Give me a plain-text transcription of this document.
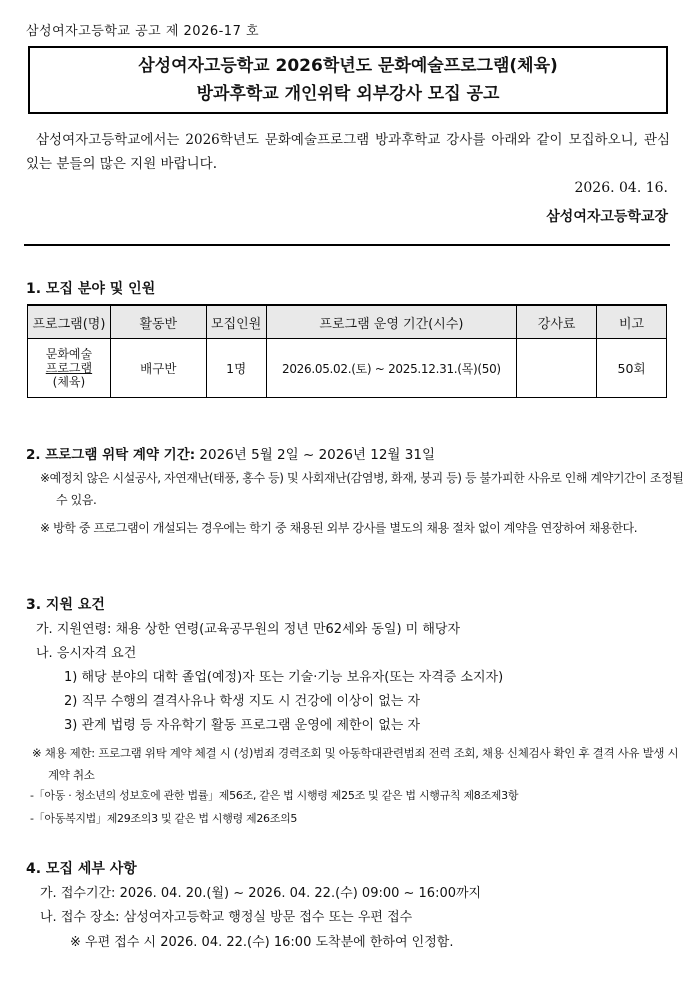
삼성여자고등학교 공고 제 2026-17 호
삼성여자고등학교 2026학년도 문화예술프로그램(체육)
방과후학교 개인위탁 외부강사 모집 공고
삼성여자고등학교에서는 2026학년도 문화예술프로그램 방과후학교 강사를 아래와 같이 모집하오니, 관심 있는 분들의 많은 지원 바랍니다.
2026. 04. 16.
삼성여자고등학교장
1. 모집 분야 및 인원
프로그램(명)	활동반	모집인원	프로그램 운영 기간(시수)	강사료	비고

문화예술
프로그램
(체육)	배구반	1명	2026.05.02.(토) ~ 2025.12.31.(목)(50)		50회
2. 프로그램 위탁 계약 기간: 2026년 5월 2일 ~ 2026년 12월 31일
※예정치 않은 시설공사, 자연재난(태풍, 홍수 등) 및 사회재난(감염병, 화재, 붕괴 등) 등 불가피한 사유로 인해 계약기간이 조정될 수 있음.
※ 방학 중 프로그램이 개설되는 경우에는 학기 중 채용된 외부 강사를 별도의 채용 절차 없이 계약을 연장하여 채용한다.
3. 지원 요건
가. 지원연령: 채용 상한 연령(교육공무원의 정년 만62세와 동일) 미 해당자
나. 응시자격 요건
1) 해당 분야의 대학 졸업(예정)자 또는 기술·기능 보유자(또는 자격증 소지자)
2) 직무 수행의 결격사유나 학생 지도 시 건강에 이상이 없는 자
3) 관계 법령 등 자유학기 활동 프로그램 운영에 제한이 없는 자
※ 채용 제한: 프로그램 위탁 계약 체결 시 (성)범죄 경력조회 및 아동학대관련범죄 전력 조회, 채용 신체검사 확인 후 결격 사유 발생 시 계약 취소
-「아동 · 청소년의 성보호에 관한 법률」제56조, 같은 법 시행령 제25조 및 같은 법 시행규칙 제8조제3항
-「아동복지법」제29조의3 및 같은 법 시행령 제26조의5
4. 모집 세부 사항
가. 접수기간: 2026. 04. 20.(월) ~ 2026. 04. 22.(수) 09:00 ~ 16:00까지
나. 접수 장소: 삼성여자고등학교 행정실 방문 접수 또는 우편 접수
※ 우편 접수 시 2026. 04. 22.(수) 16:00 도착분에 한하여 인정함.
